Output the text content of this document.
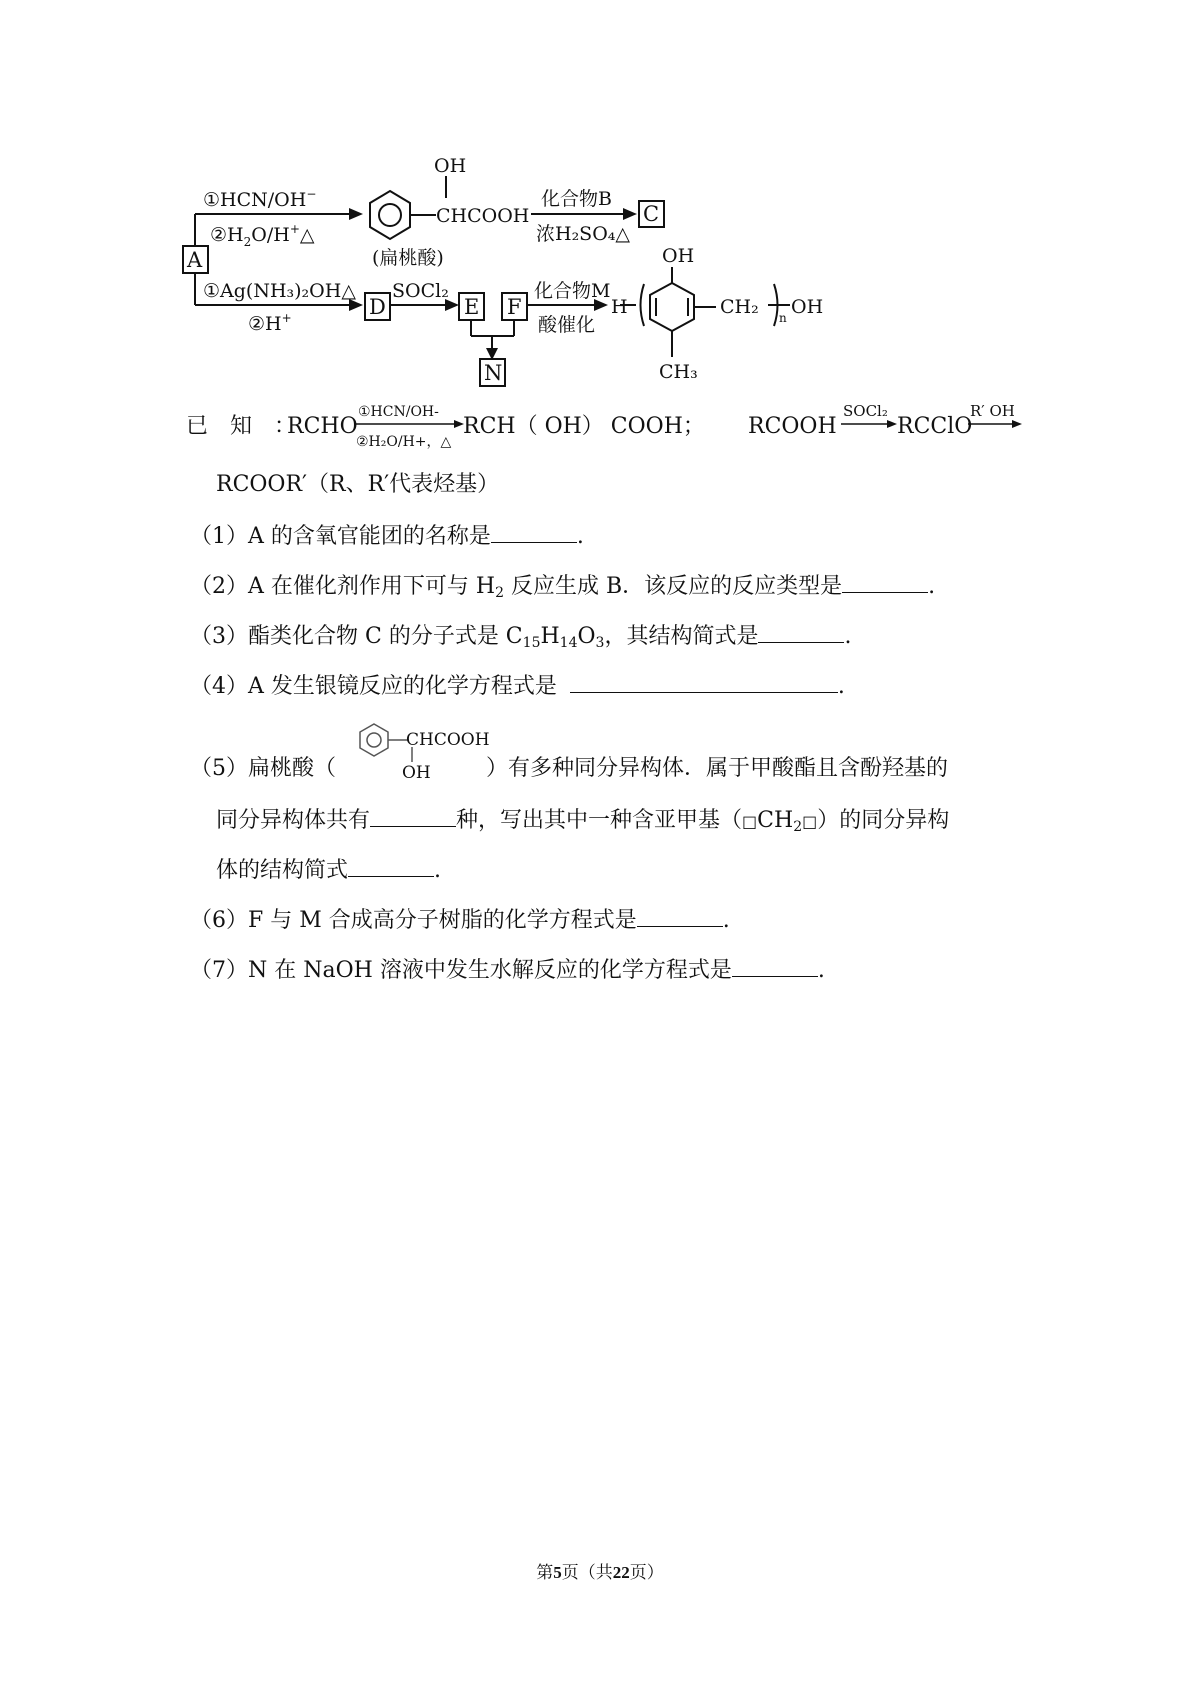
A
C
D	E F
N
①HCN/OH−
$②H_2O/H^+\triangle$
OH
CHCOOH
(扁桃酸)
化合物B
浓H₂SO₄△
①Ag(NH₃)₂OH△
②H+
SOCl₂	化合物M
酸催化
H
OH
CH₂ n OH
CH₃
已　知　：
RCHO
①HCN/OH-
②H₂O/H+，△
RCH（ OH） COOH； RCOOH
SOCl₂
RCClO
R′ OH
RCOOR′（R、R′代表烃基）
（1）A 的含氧官能团的名称是	.
（2）A 在催化剂作用下可与 $H_2$ 反应生成 B．该反应的反应类型是	.
（3）酯类化合物 C 的分子式是 $C_{15}H_{14}O_3$，其结构简式是	.
（4）A 发生银镜反应的化学方程式是	.
CHCOOH
OH
（5）扁桃酸（	）有多种同分异构体．属于甲酸酯且含酚羟基的
同分异构体共有	种，写出其中一种含亚甲基$(□CH_2□)$的同分异构
体的结构简式	.
（6）F 与 M 合成高分子树脂的化学方程式是	.
（7）N 在 NaOH 溶液中发生水解反应的化学方程式是	.
第5页（共22页）
